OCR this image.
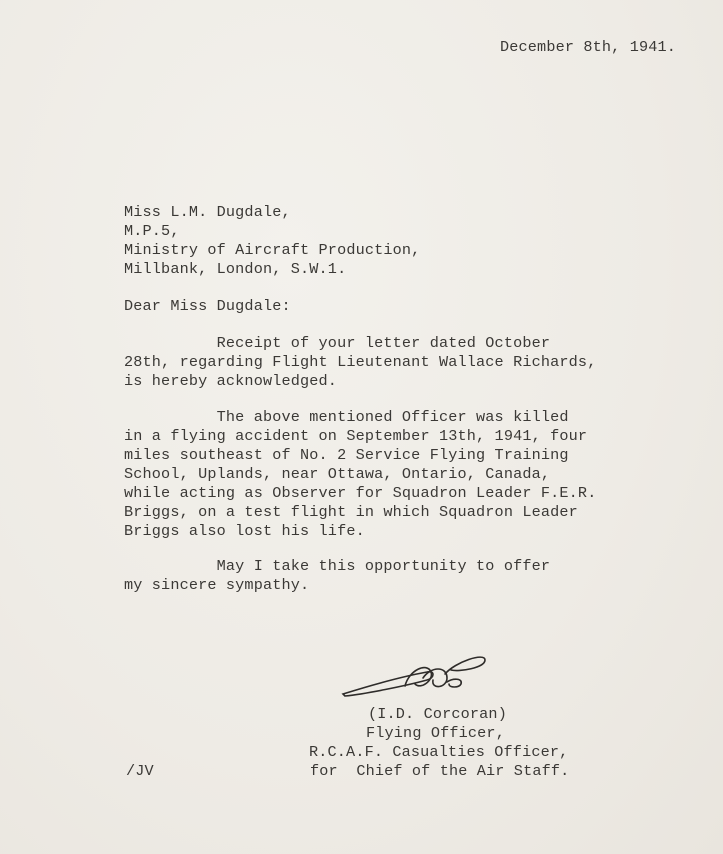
December 8th, 1941.
Miss L.M. Dugdale,
M.P.5,
Ministry of Aircraft Production,
Millbank, London, S.W.1.
Dear Miss Dugdale:
Receipt of your letter dated October
28th, regarding Flight Lieutenant Wallace Richards,
is hereby acknowledged.
The above mentioned Officer was killed
in a flying accident on September 13th, 1941, four
miles southeast of No. 2 Service Flying Training
School, Uplands, near Ottawa, Ontario, Canada,
while acting as Observer for Squadron Leader F.E.R.
Briggs, on a test flight in which Squadron Leader
Briggs also lost his life.
May I take this opportunity to offer
my sincere sympathy.
(I.D. Corcoran)
Flying Officer,
R.C.A.F. Casualties Officer,
for  Chief of the Air Staff.
/JV
